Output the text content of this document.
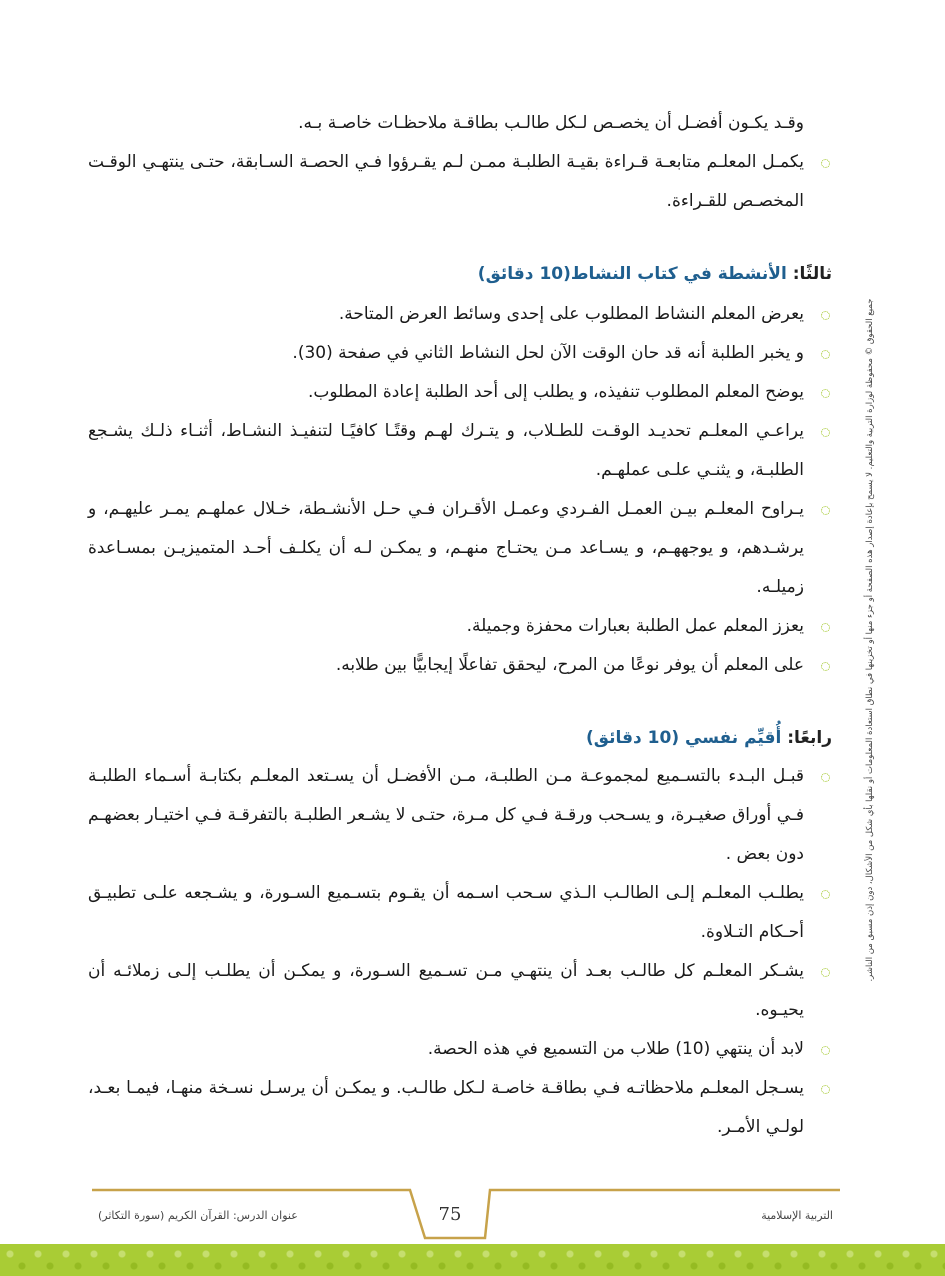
وقـد يكـون أفضـل أن يخصـص لـكل طالـب بطاقـة ملاحظـات خاصـة بـه.

يكمـل المعلـم متابعـة قـراءة بقيـة الطلبـة ممـن لـم يقـرؤوا فـي الحصـة السـابقة، حتـى ينتهـي الوقـت المخصـص للقـراءة.

ثالثًا: الأنشطة في كتاب النشاط(10 دقائق)

يعرض المعلم النشاط المطلوب على إحدى وسائط العرض المتاحة.
و يخبر الطلبة أنه قد حان الوقت الآن لحل النشاط الثاني في صفحة (30).
يوضح المعلم المطلوب تنفيذه، و يطلب إلى أحد الطلبة إعادة المطلوب.
يراعـي المعلـم تحديـد الوقـت للطـلاب، و يتـرك لهـم وقتًـا كافيًـا لتنفيـذ النشـاط، أثنـاء ذلـك يشـجع الطلبـة، و يثنـي علـى عملهـم.
يـراوح المعلـم بيـن العمـل الفـردي وعمـل الأقـران فـي حـل الأنشـطة، خـلال عملهـم يمـر عليهـم، و يرشـدهم، و يوجههـم، و يسـاعد مـن يحتـاج منهـم، و يمكـن لـه أن يكلـف أحـد المتميزيـن بمسـاعدة زميلـه.
يعزز المعلم عمل الطلبة بعبارات محفزة وجميلة.
على المعلم أن يوفر نوعًا من المرح، ليحقق تفاعلًا إيجابيًّا بين طلابه.

رابعًا: أُقيِّم نفسي (10 دقائق)

قبـل البـدء بالتسـميع لمجموعـة مـن الطلبـة، مـن الأفضـل أن يسـتعد المعلـم بكتابـة أسـماء الطلبـة فـي أوراق صغيـرة، و يسـحب ورقـة فـي كل مـرة، حتـى لا يشـعر الطلبـة بالتفرقـة فـي اختيـار بعضهـم دون بعض .
يطلـب المعلـم إلـى الطالـب الـذي سـحب اسـمه أن يقـوم بتسـميع السـورة، و يشـجعه علـى تطبيـق أحـكام التـلاوة.
يشـكر المعلـم كل طالـب بعـد أن ينتهـي مـن تسـميع السـورة، و يمكـن أن يطلـب إلـى زملائـه أن يحيـوه.
لابد أن ينتهي (10) طلاب من التسميع في هذه الحصة.
يسـجل المعلـم ملاحظاتـه فـي بطاقـة خاصـة لـكل طالـب. و يمكـن أن يرسـل نسـخة منهـا، فيمـا بعـد، لولـي الأمـر.
جميع الحقوق © محفوظة لوزارة التربية والتعليم. لا يسمح بإعادة إصدار هذه الصفحة أو جزء منها أو تخزينها في نطاق استعادة المعلومات أو نقلها بأي شكل من الأشكال، دون إذن مسبق من الناشر.
عنوان الدرس: القرآن الكريم (سورة التكاثر)	75	التربية الإسلامية
